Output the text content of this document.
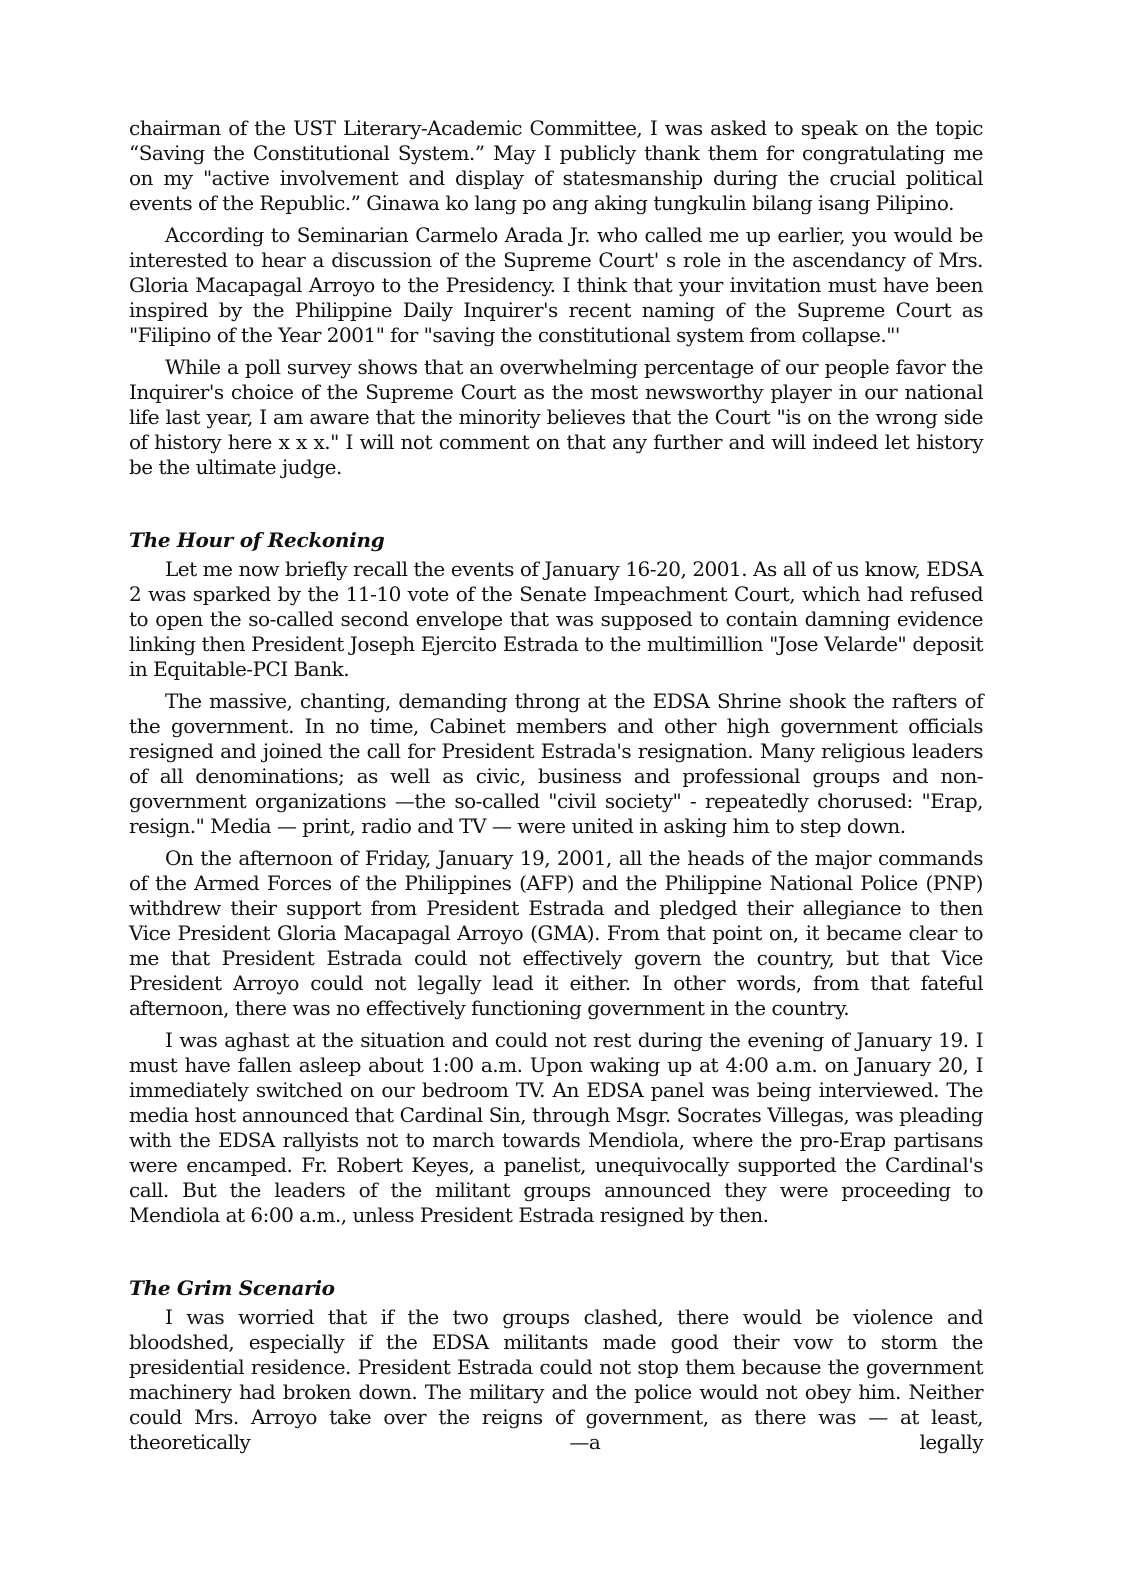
chairman of the UST Literary-Academic Committee, I was asked to speak on the topic “Saving the Constitutional System.” May I publicly thank them for congratulating me on my "active involvement and display of statesmanship during the crucial political events of the Republic.” Ginawa ko lang po ang aking tungkulin bilang isang Pilipino.

According to Seminarian Carmelo Arada Jr. who called me up earlier, you would be interested to hear a discussion of the Supreme Court' s role in the ascendancy of Mrs. Gloria Macapagal Arroyo to the Presidency. I think that your invitation must have been inspired by the Philippine Daily Inquirer's recent naming of the Supreme Court as "Filipino of the Year 2001" for "saving the constitutional system from collapse."'

While a poll survey shows that an overwhelming percentage of our people favor the Inquirer's choice of the Supreme Court as the most newsworthy player in our national life last year, I am aware that the minority believes that the Court "is on the wrong side of history here x x x." I will not comment on that any further and will indeed let history be the ultimate judge.

The Hour of Reckoning

Let me now briefly recall the events of January 16-20, 2001. As all of us know, EDSA 2 was sparked by the 11-10 vote of the Senate Impeachment Court, which had refused to open the so-called second envelope that was supposed to contain damning evidence linking then President Joseph Ejercito Estrada to the multimillion "Jose Velarde" deposit in Equitable-PCI Bank.

The massive, chanting, demanding throng at the EDSA Shrine shook the rafters of the government. In no time, Cabinet members and other high government officials resigned and joined the call for President Estrada's resignation. Many religious leaders of all denominations; as well as civic, business and professional groups and non-government organizations —the so-called "civil society" - repeatedly chorused: "Erap, resign." Media — print, radio and TV — were united in asking him to step down.

On the afternoon of Friday, January 19, 2001, all the heads of the major commands of the Armed Forces of the Philippines (AFP) and the Philippine National Police (PNP) withdrew their support from President Estrada and pledged their allegiance to then Vice President Gloria Macapagal Arroyo (GMA). From that point on, it became clear to me that President Estrada could not effectively govern the country, but that Vice President Arroyo could not legally lead it either. In other words, from that fateful afternoon, there was no effectively functioning government in the country.

I was aghast at the situation and could not rest during the evening of January 19. I must have fallen asleep about 1:00 a.m. Upon waking up at 4:00 a.m. on January 20, I immediately switched on our bedroom TV. An EDSA panel was being interviewed. The media host announced that Cardinal Sin, through Msgr. Socrates Villegas, was pleading with the EDSA rallyists not to march towards Mendiola, where the pro-Erap partisans were encamped. Fr. Robert Keyes, a panelist, unequivocally supported the Cardinal's call. But the leaders of the militant groups announced they were proceeding to Mendiola at 6:00 a.m., unless President Estrada resigned by then.

The Grim Scenario

I was worried that if the two groups clashed, there would be violence and bloodshed, especially if the EDSA militants made good their vow to storm the presidential residence. President Estrada could not stop them because the government machinery had broken down. The military and the police would not obey him. Neither could Mrs. Arroyo take over the reigns of government, as there was — at least, theoretically —a legally
